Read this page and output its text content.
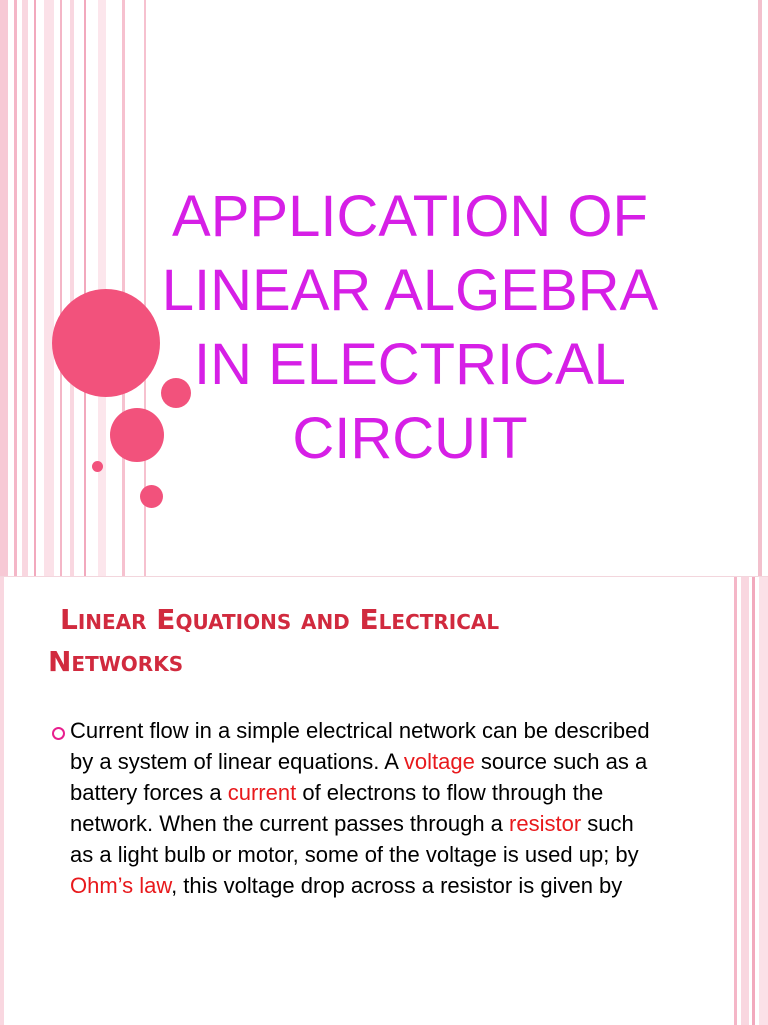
APPLICATION OF
LINEAR ALGEBRA
IN ELECTRICAL
CIRCUIT
Linear Equations and Electrical
Networks

Current flow in a simple electrical network can be described by a system of linear equations. A voltage source such as a battery forces a current of electrons to flow through the network. When the current passes through a resistor such as a light bulb or motor, some of the voltage is used up; by Ohm’s law, this voltage drop across a resistor is given by
